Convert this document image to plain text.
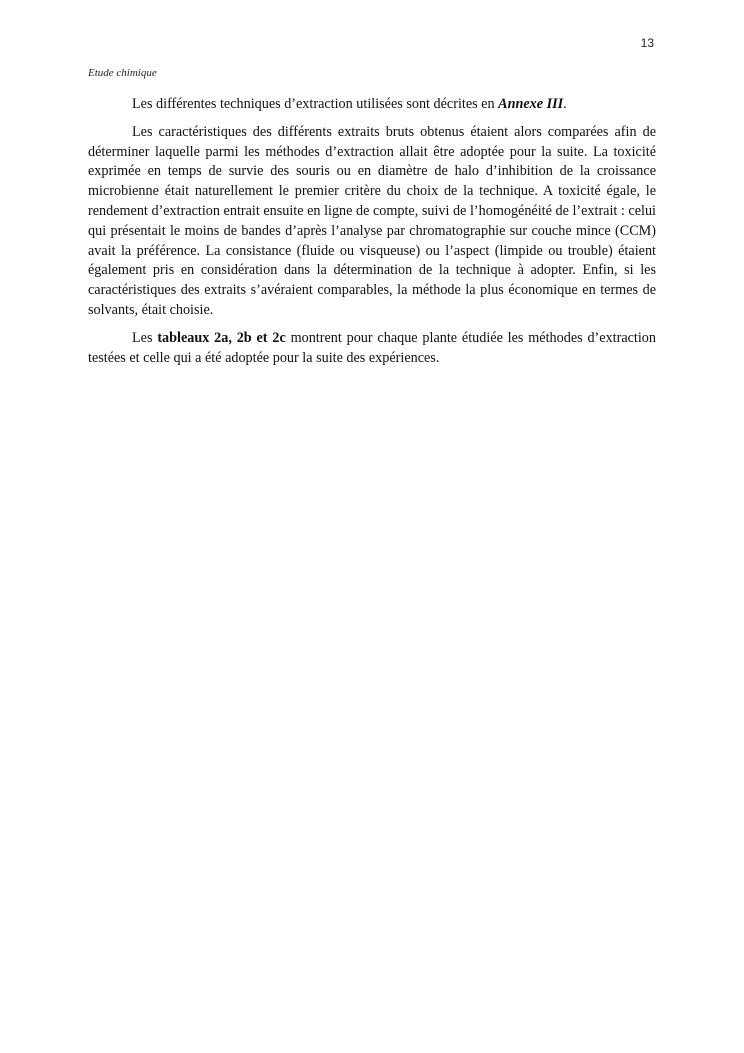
13
Etude chimique

Les différentes techniques d’extraction utilisées sont décrites en Annexe III.

Les caractéristiques des différents extraits bruts obtenus étaient alors comparées afin de déterminer laquelle parmi les méthodes d’extraction allait être adoptée pour la suite. La toxicité exprimée en temps de survie des souris ou en diamètre de halo d’inhibition de la croissance microbienne était naturellement le premier critère du choix de la technique. A toxicité égale, le rendement d’extraction entrait ensuite en ligne de compte, suivi de l’homogénéité de l’extrait : celui qui présentait le moins de bandes d’après l’analyse par chromatographie sur couche mince (CCM) avait la préférence. La consistance (fluide ou visqueuse) ou l’aspect (limpide ou trouble) étaient également pris en considération dans la détermination de la technique à adopter. Enfin, si les caractéristiques des extraits s’avéraient comparables, la méthode la plus économique en termes de solvants, était choisie.

Les tableaux 2a, 2b et 2c montrent pour chaque plante étudiée les méthodes d’extraction testées et celle qui a été adoptée pour la suite des expériences.
